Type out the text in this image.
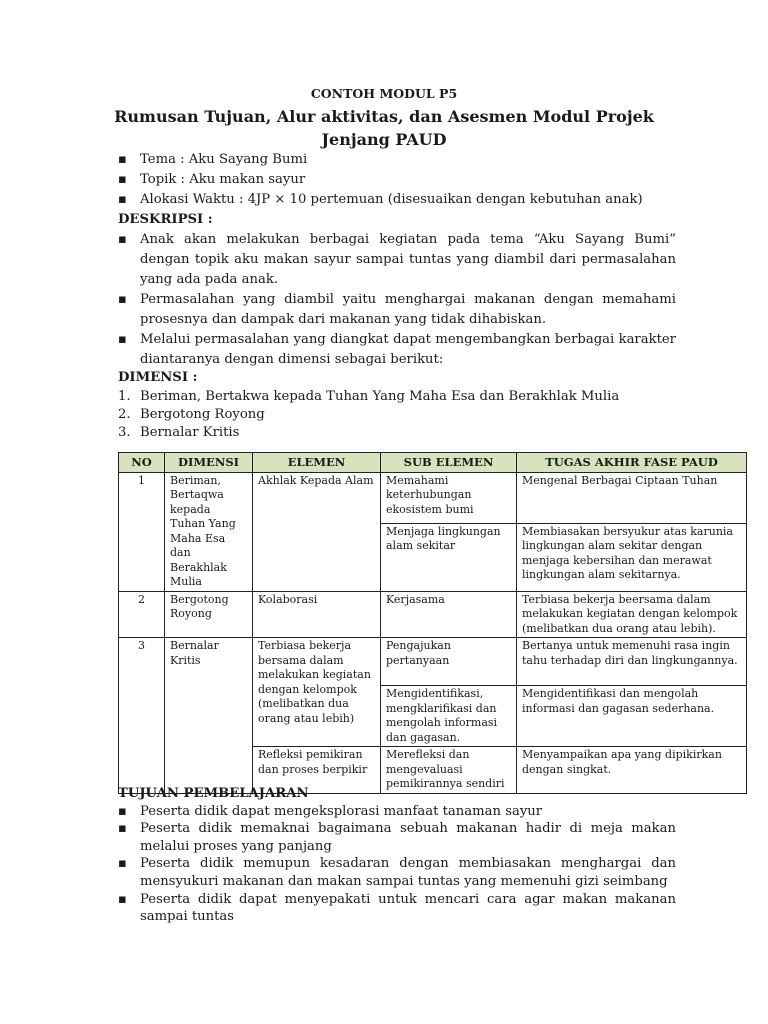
CONTOH MODUL P5
Rumusan Tujuan, Alur aktivitas, dan Asesmen Modul Projek
Jenjang PAUD
▪ Tema : Aku Sayang Bumi
▪ Topik : Aku makan sayur
▪ Alokasi Waktu : 4JP × 10 pertemuan (disesuaikan dengan kebutuhan anak)
DESKRIPSI :
▪ Anak akan melakukan berbagai kegiatan pada tema “Aku Sayang Bumi” dengan topik aku makan sayur sampai tuntas yang diambil dari permasalahan yang ada pada anak.
▪ Permasalahan yang diambil yaitu menghargai makanan dengan memahami prosesnya dan dampak dari makanan yang tidak dihabiskan.
▪ Melalui permasalahan yang diangkat dapat mengembangkan berbagai karakter diantaranya dengan dimensi sebagai berikut:
DIMENSI :
1. Beriman, Bertakwa kepada Tuhan Yang Maha Esa dan Berakhlak Mulia
2. Bergotong Royong
3. Bernalar Kritis
NO	DIMENSI	ELEMEN	SUB ELEMEN	TUGAS AKHIR FASE PAUD
1	Beriman, Bertaqwa kepada Tuhan Yang Maha Esa dan Berakhlak Mulia	Akhlak Kepada Alam	Memahami keterhubungan ekosistem bumi	Mengenal Berbagai Ciptaan Tuhan
			Menjaga lingkungan alam sekitar	Membiasakan bersyukur atas karunia lingkungan alam sekitar dengan menjaga kebersihan dan merawat lingkungan alam sekitarnya.
2	Bergotong Royong	Kolaborasi	Kerjasama	Terbiasa bekerja beersama dalam melakukan kegiatan dengan kelompok (melibatkan dua orang atau lebih).
3	Bernalar Kritis	Terbiasa bekerja bersama dalam melakukan kegiatan dengan kelompok (melibatkan dua orang atau lebih)	Pengajukan pertanyaan	Bertanya untuk memenuhi rasa ingin tahu terhadap diri dan lingkungannya.
			Mengidentifikasi, mengklarifikasi dan mengolah informasi dan gagasan.	Mengidentifikasi dan mengolah informasi dan gagasan sederhana.
		Refleksi pemikiran dan proses berpikir	Merefleksi dan mengevaluasi pemikirannya sendiri	Menyampaikan apa yang dipikirkan dengan singkat.
TUJUAN PEMBELAJARAN
▪ Peserta didik dapat mengeksplorasi manfaat tanaman sayur
▪ Peserta didik memaknai bagaimana sebuah makanan hadir di meja makan melalui proses yang panjang
▪ Peserta didik memupun kesadaran dengan membiasakan menghargai dan mensyukuri makanan dan makan sampai tuntas yang memenuhi gizi seimbang
▪ Peserta didik dapat menyepakati untuk mencari cara agar makan makanan sampai tuntas
